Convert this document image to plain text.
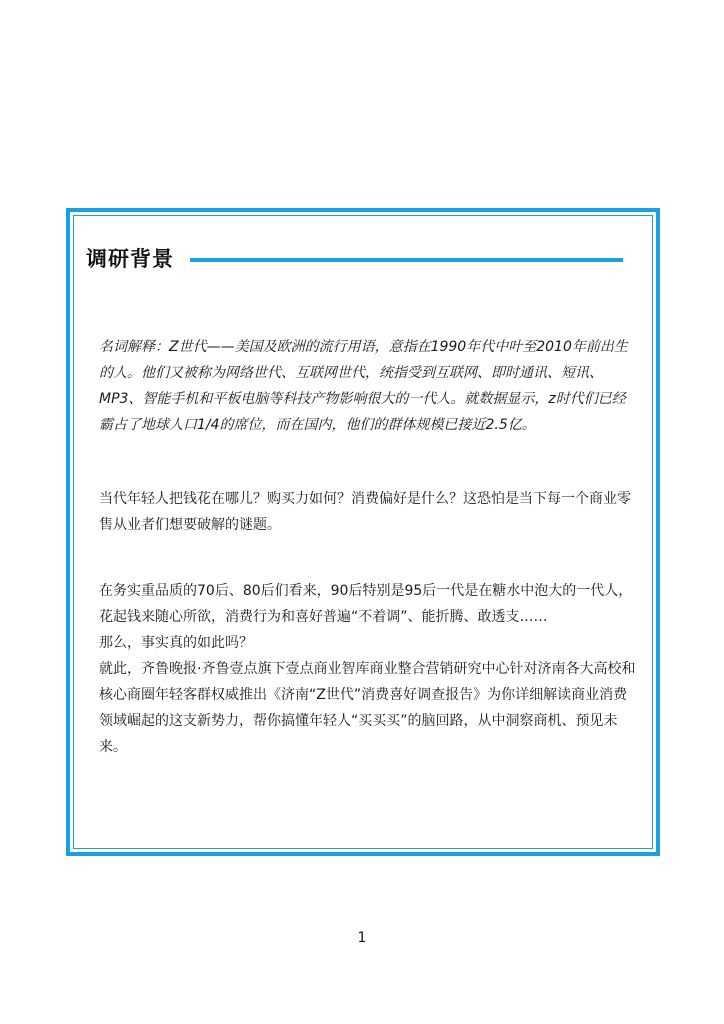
调研背景

名词解释：Z世代——美国及欧洲的流行用语，意指在1990年代中叶至2010年前出生的人。他们又被称为网络世代、互联网世代，统指受到互联网、即时通讯、短讯、MP3、智能手机和平板电脑等科技产物影响很大的一代人。就数据显示，z时代们已经霸占了地球人口1/4的席位，而在国内，他们的群体规模已接近2.5亿。

当代年轻人把钱花在哪儿？购买力如何？消费偏好是什么？这恐怕是当下每一个商业零售从业者们想要破解的谜题。

在务实重品质的70后、80后们看来，90后特别是95后一代是在糖水中泡大的一代人，花起钱来随心所欲，消费行为和喜好普遍“不着调”、能折腾、敢透支……
那么，事实真的如此吗？
就此，齐鲁晚报·齐鲁壹点旗下壹点商业智库商业整合营销研究中心针对济南各大高校和核心商圈年轻客群权威推出《济南“Z世代”消费喜好调查报告》为你详细解读商业消费领域崛起的这支新势力，帮你搞懂年轻人“买买买”的脑回路，从中洞察商机、预见未来。

1
